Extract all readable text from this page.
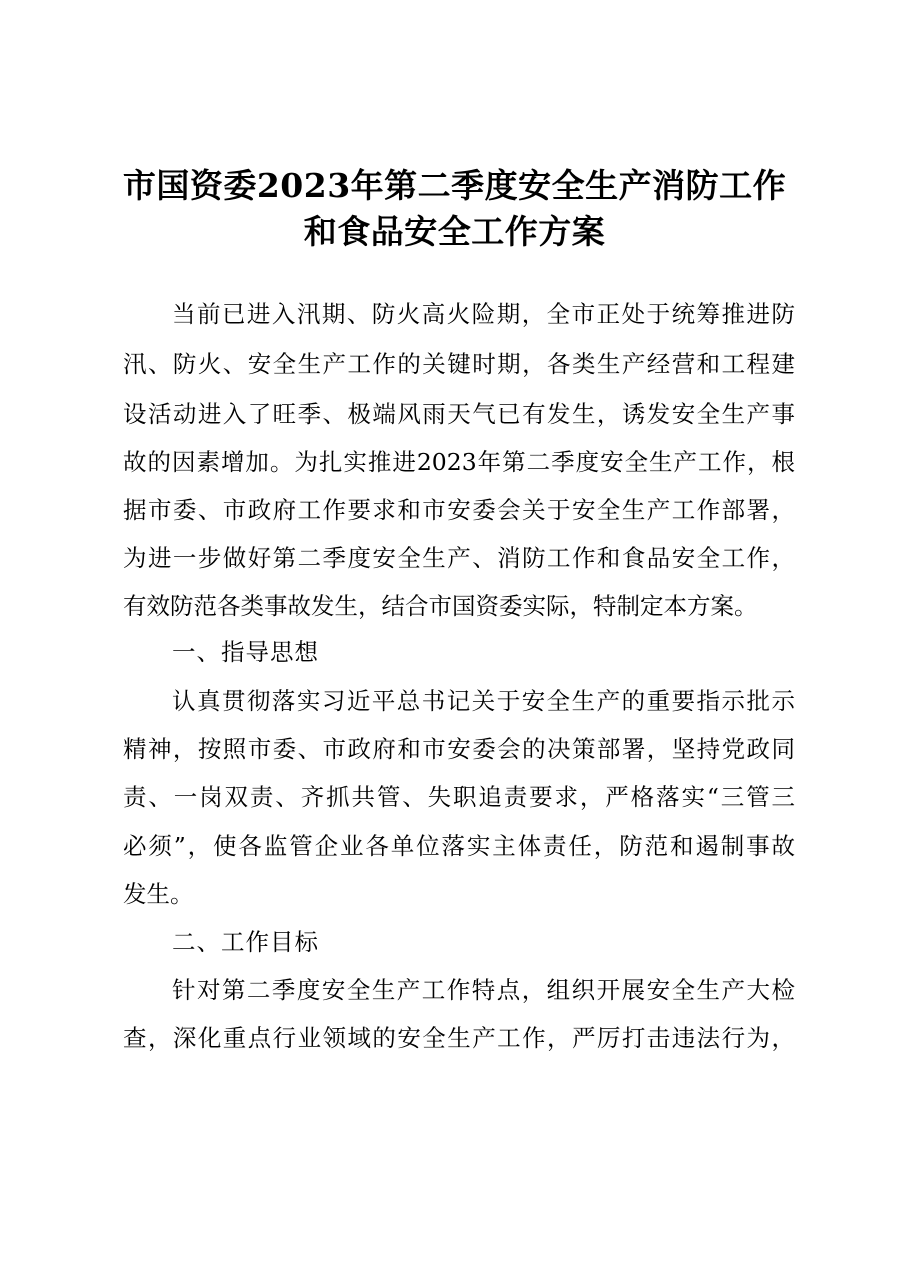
市国资委2023年第二季度安全生产消防工作
和食品安全工作方案
当前已进入汛期、防火高火险期，全市正处于统筹推进防
汛、防火、安全生产工作的关键时期，各类生产经营和工程建
设活动进入了旺季、极端风雨天气已有发生，诱发安全生产事
故的因素增加。为扎实推进2023年第二季度安全生产工作，根
据市委、市政府工作要求和市安委会关于安全生产工作部署，
为进一步做好第二季度安全生产、消防工作和食品安全工作，
有效防范各类事故发生，结合市国资委实际，特制定本方案。
一、指导思想
认真贯彻落实习近平总书记关于安全生产的重要指示批示
精神，按照市委、市政府和市安委会的决策部署，坚持党政同
责、一岗双责、齐抓共管、失职追责要求，严格落实“三管三
必须”，使各监管企业各单位落实主体责任，防范和遏制事故
发生。
二、工作目标
针对第二季度安全生产工作特点，组织开展安全生产大检
查，深化重点行业领域的安全生产工作，严厉打击违法行为，
